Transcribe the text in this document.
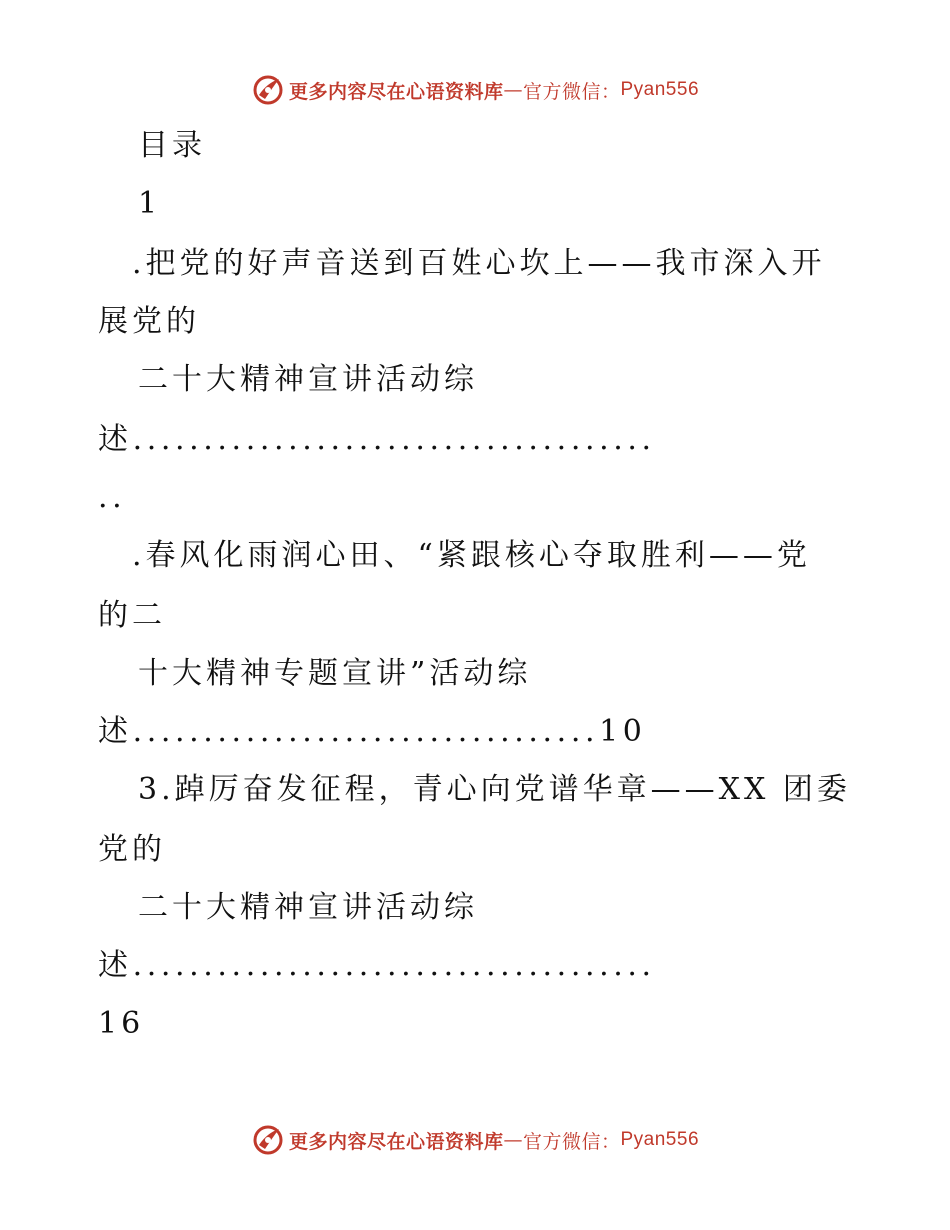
更多内容尽在心语资料库 — 官方微信： Pyan556
目录
1
.把党的好声音送到百姓心坎上——我市深入开
展党的
二十大精神宣讲活动综
述.....................................
..
.春风化雨润心田、“紧跟核心夺取胜利——党
的二
十大精神专题宣讲”活动综
述.................................10
3.踔厉奋发征程，青心向党谱华章——XX 团委
党的
二十大精神宣讲活动综
述.....................................
16
更多内容尽在心语资料库 — 官方微信： Pyan556
